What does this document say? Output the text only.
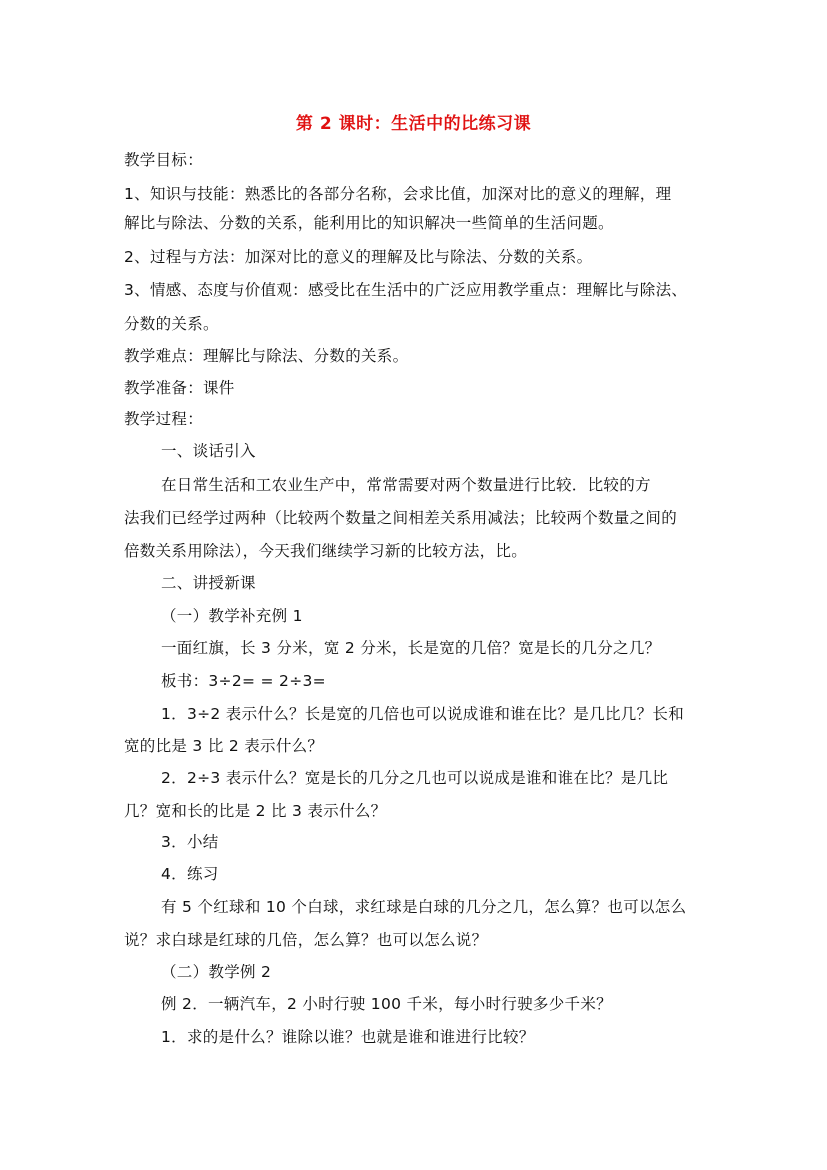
第 2 课时：生活中的比练习课
教学目标：
1、知识与技能：熟悉比的各部分名称，会求比值，加深对比的意义的理解，理
解比与除法、分数的关系，能利用比的知识解决一些简单的生活问题。
2、过程与方法：加深对比的意义的理解及比与除法、分数的关系。
3、情感、态度与价值观：感受比在生活中的广泛应用教学重点：理解比与除法、
分数的关系。
教学难点：理解比与除法、分数的关系。
教学准备：课件
教学过程：
一、谈话引入
在日常生活和工农业生产中，常常需要对两个数量进行比较．比较的方
法我们已经学过两种（比较两个数量之间相差关系用减法；比较两个数量之间的
倍数关系用除法），今天我们继续学习新的比较方法，比。
二、讲授新课
（一）教学补充例 1
一面红旗，长 3 分米，宽 2 分米，长是宽的几倍？宽是长的几分之几？
板书：3÷2= = 2÷3=
1．3÷2 表示什么？长是宽的几倍也可以说成谁和谁在比？是几比几？长和
宽的比是 3 比 2 表示什么？
2．2÷3 表示什么？宽是长的几分之几也可以说成是谁和谁在比？是几比
几？宽和长的比是 2 比 3 表示什么？
3．小结
4．练习
有 5 个红球和 10 个白球，求红球是白球的几分之几，怎么算？也可以怎么
说？求白球是红球的几倍，怎么算？也可以怎么说？
（二）教学例 2
例 2．一辆汽车，2 小时行驶 100 千米，每小时行驶多少千米？
1．求的是什么？谁除以谁？也就是谁和谁进行比较？
